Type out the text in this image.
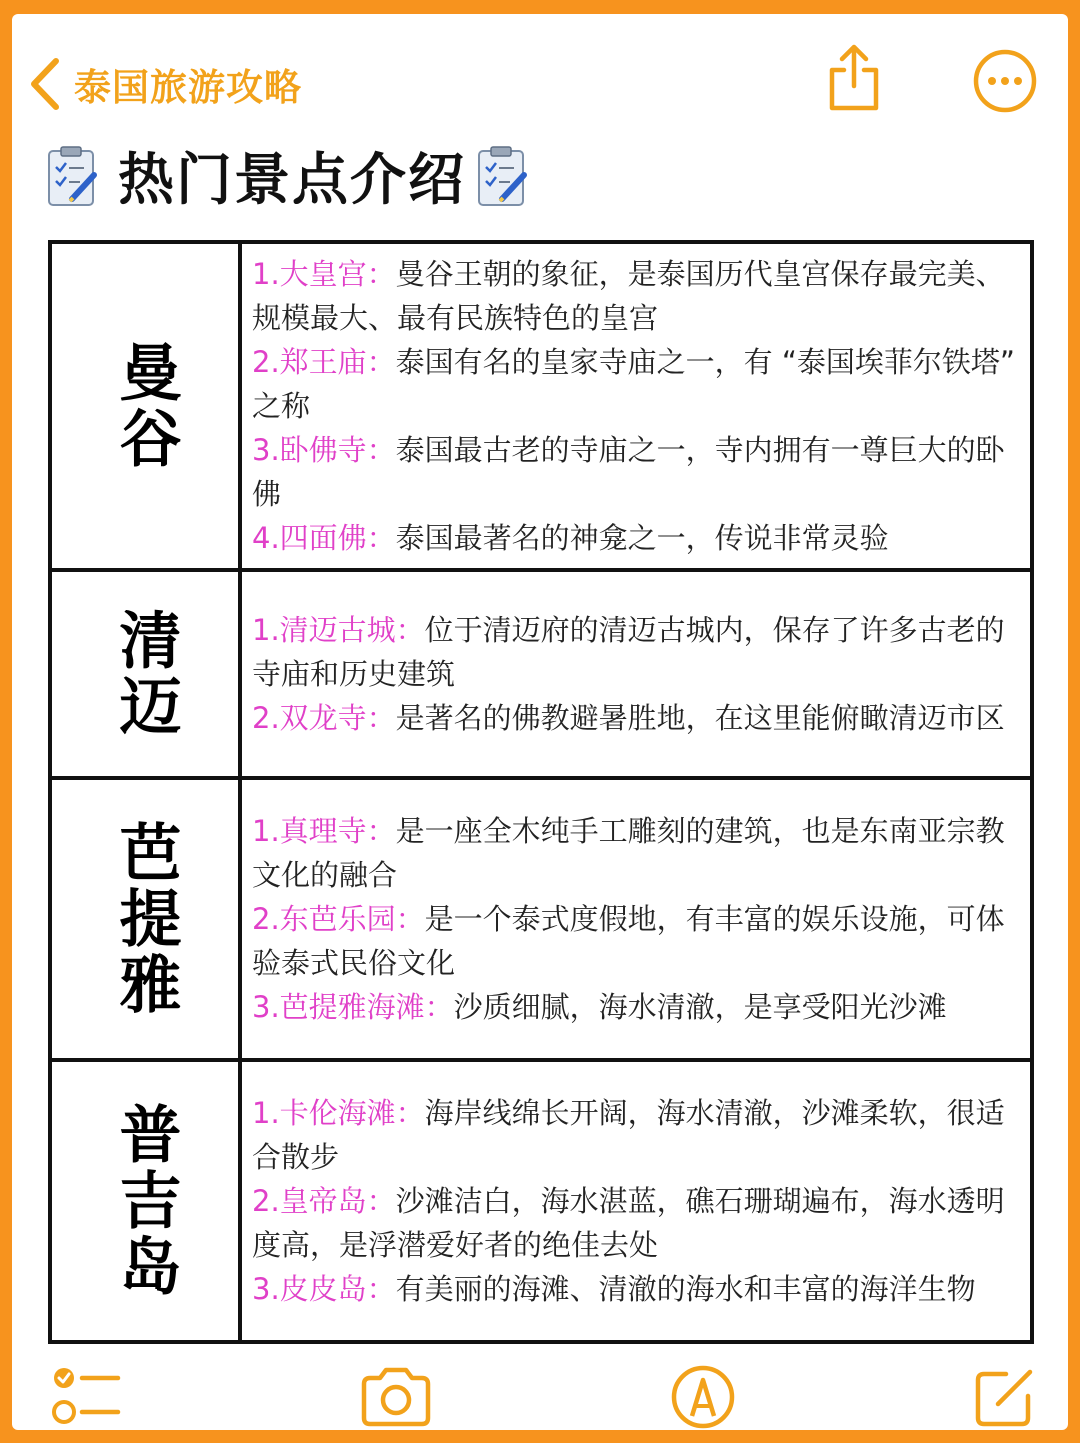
泰国旅游攻略
热门景点介绍
曼谷
1.大皇宫：曼谷王朝的象征，是泰国历代皇宫保存最完美、规模最大、最有民族特色的皇宫
2.郑王庙：泰国有名的皇家寺庙之一，有 “泰国埃菲尔铁塔” 之称
3.卧佛寺：泰国最古老的寺庙之一，寺内拥有一尊巨大的卧佛
4.四面佛：泰国最著名的神龛之一，传说非常灵验
清迈 1.清迈古城：位于清迈府的清迈古城内，保存了许多古老的寺庙和历史建筑
2.双龙寺：是著名的佛教避暑胜地，在这里能俯瞰清迈市区
芭提雅 1.真理寺：是一座全木纯手工雕刻的建筑，也是东南亚宗教文化的融合
2.东芭乐园：是一个泰式度假地，有丰富的娱乐设施，可体验泰式民俗文化
3.芭提雅海滩：沙质细腻，海水清澈，是享受阳光沙滩
普吉岛 1.卡伦海滩：海岸线绵长开阔，海水清澈，沙滩柔软，很适合散步
2.皇帝岛：沙滩洁白，海水湛蓝，礁石珊瑚遍布，海水透明度高，是浮潜爱好者的绝佳去处
3.皮皮岛：有美丽的海滩、清澈的海水和丰富的海洋生物
